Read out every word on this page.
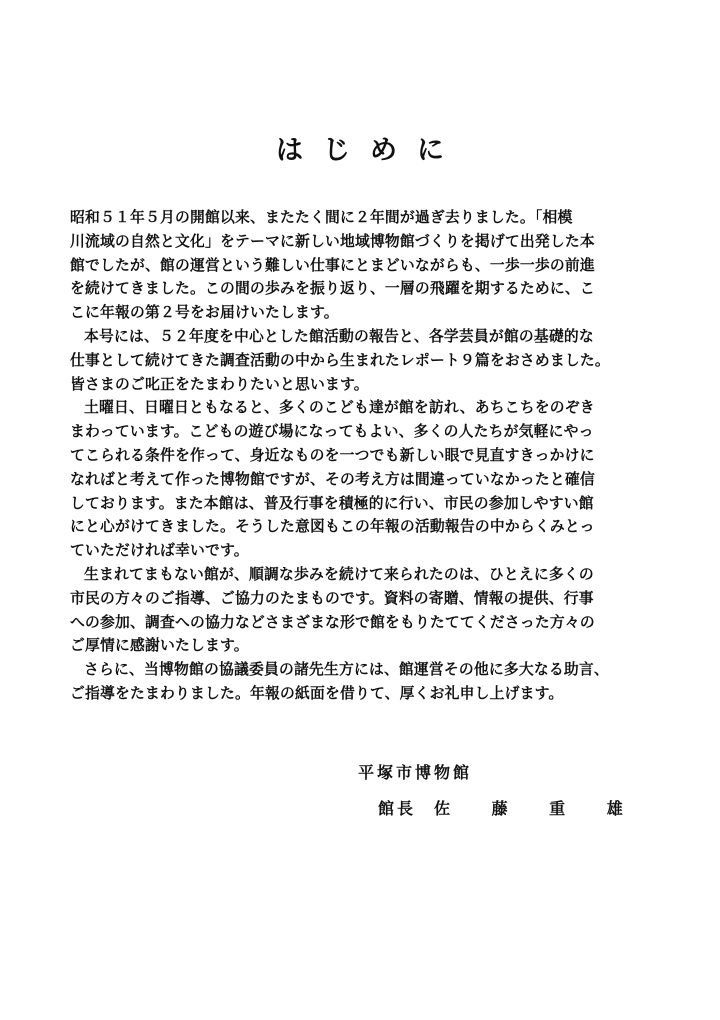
はじめに
昭和５１年５月の開館以来、またたく間に２年間が過ぎ去りました。「相模
川流域の自然と文化」をテーマに新しい地域博物館づくりを掲げて出発した本
館でしたが、館の運営という難しい仕事にとまどいながらも、一歩一歩の前進
を続けてきました。この間の歩みを振り返り、一層の飛躍を期するために、こ
こに年報の第２号をお届けいたします。
本号には、５２年度を中心とした館活動の報告と、各学芸員が館の基礎的な
仕事として続けてきた調査活動の中から生まれたレポート９篇をおさめました。
皆さまのご叱正をたまわりたいと思います。
土曜日、日曜日ともなると、多くのこども達が館を訪れ、あちこちをのぞき
まわっています。こどもの遊び場になってもよい、多くの人たちが気軽にやっ
てこられる条件を作って、身近なものを一つでも新しい眼で見直すきっかけに
なればと考えて作った博物館ですが、その考え方は間違っていなかったと確信
しております。また本館は、普及行事を積極的に行い、市民の参加しやすい館
にと心がけてきました。そうした意図もこの年報の活動報告の中からくみとっ
ていただければ幸いです。
生まれてまもない館が、順調な歩みを続けて来られたのは、ひとえに多くの
市民の方々のご指導、ご協力のたまものです。資料の寄贈、情報の提供、行事
への参加、調査への協力などさまざまな形で館をもりたててくださった方々の
ご厚情に感謝いたします。
さらに、当博物館の協議委員の諸先生方には、館運営その他に多大なる助言、
ご指導をたまわりました。年報の紙面を借りて、厚くお礼申し上げます。
平塚市博物館
館長 佐 藤 重 雄
